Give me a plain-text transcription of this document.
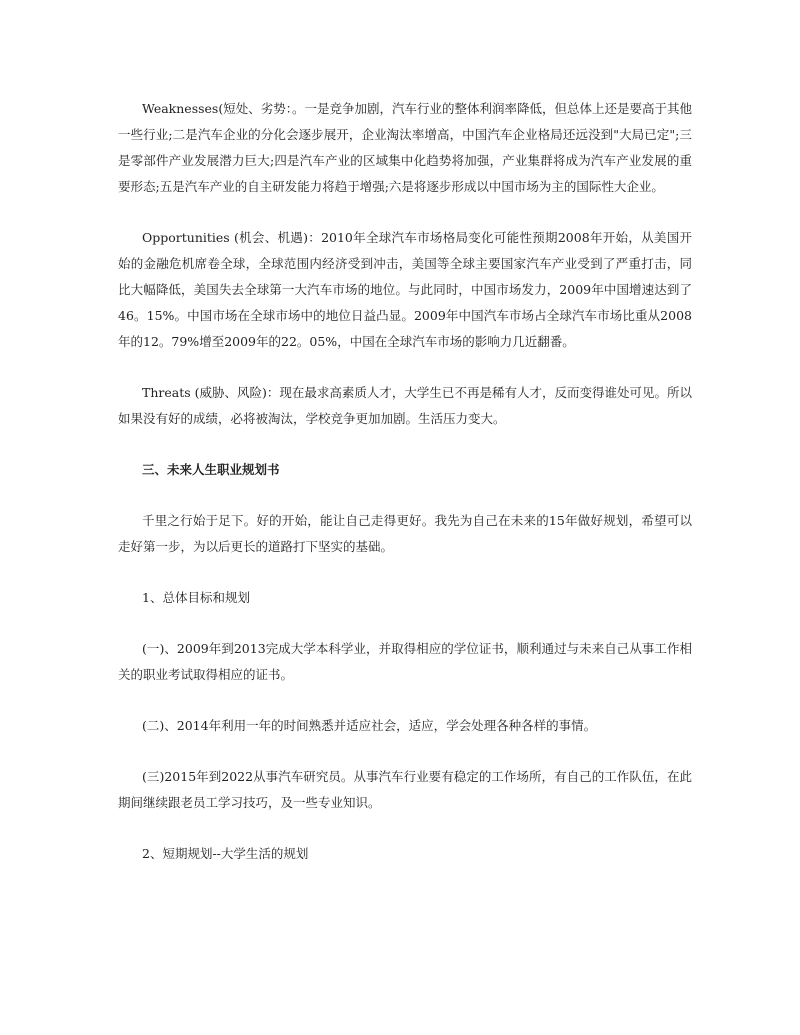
Weaknesses(短处、劣势：。一是竞争加剧，汽车行业的整体利润率降低，但总体上还是要高于其他一些行业;二是汽车企业的分化会逐步展开，企业淘汰率增高，中国汽车企业格局还远没到"大局已定";三是零部件产业发展潜力巨大;四是汽车产业的区域集中化趋势将加强，产业集群将成为汽车产业发展的重要形态;五是汽车产业的自主研发能力将趋于增强;六是将逐步形成以中国市场为主的国际性大企业。

Opportunities (机会、机遇)：2010年全球汽车市场格局变化可能性预期2008年开始，从美国开始的金融危机席卷全球，全球范围内经济受到冲击，美国等全球主要国家汽车产业受到了严重打击，同比大幅降低，美国失去全球第一大汽车市场的地位。与此同时，中国市场发力，2009年中国增速达到了46。15%。中国市场在全球市场中的地位日益凸显。2009年中国汽车市场占全球汽车市场比重从2008年的12。79%增至2009年的22。05%，中国在全球汽车市场的影响力几近翻番。

Threats (威胁、风险)：现在最求高素质人才，大学生已不再是稀有人才，反而变得谁处可见。所以如果没有好的成绩，必将被淘汰，学校竞争更加加剧。生活压力变大。

三、未来人生职业规划书

千里之行始于足下。好的开始，能让自己走得更好。我先为自己在未来的15年做好规划，希望可以走好第一步，为以后更长的道路打下坚实的基础。

1、总体目标和规划

(一)、2009年到2013完成大学本科学业，并取得相应的学位证书，顺利通过与未来自己从事工作相关的职业考试取得相应的证书。

(二)、2014年利用一年的时间熟悉并适应社会，适应，学会处理各种各样的事情。

(三)2015年到2022从事汽车研究员。从事汽车行业要有稳定的工作场所，有自己的工作队伍，在此期间继续跟老员工学习技巧，及一些专业知识。

2、短期规划--大学生活的规划
